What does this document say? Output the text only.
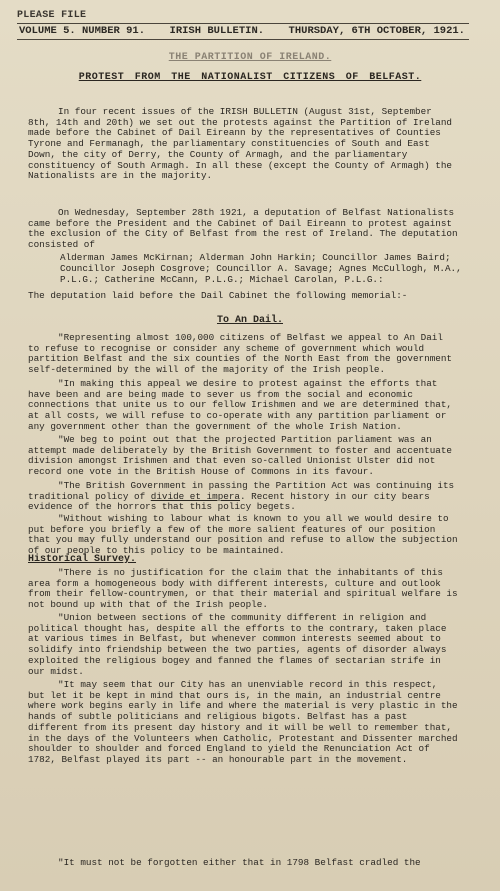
PLEASE FILE
VOLUME 5. NUMBER 91. IRISH BULLETIN. THURSDAY, 6TH OCTOBER, 1921.
THE PARTITION OF IRELAND.
PROTEST FROM THE NATIONALIST CITIZENS OF BELFAST.

In four recent issues of the IRISH BULLETIN (August 31st, September 8th, 14th and 20th) we set out the protests against the Partition of Ireland made before the Cabinet of Dail Eireann by the representatives of Counties Tyrone and Fermanagh, the parliamentary constituencies of South and East Down, the city of Derry, the County of Armagh, and the parliamentary constituency of South Armagh. In all these (except the County of Armagh) the Nationalists are in the majority.

On Wednesday, September 28th 1921, a deputation of Belfast Nationalists came before the President and the Cabinet of Dail Eireann to protest against the exclusion of the City of Belfast from the rest of Ireland. The deputation consisted of

Alderman James McKirnan; Alderman John Harkin; Councillor James Baird; Councillor Joseph Cosgrove; Councillor A. Savage; Agnes McCullogh, M.A., P.L.G.; Catherine McCann, P.L.G.; Michael Carolan, P.L.G.:

The deputation laid before the Dail Cabinet the following memorial:-

To An Dail.

"Representing almost 100,000 citizens of Belfast we appeal to An Dail to refuse to recognise or consider any scheme of government which would partition Belfast and the six counties of the North East from the government self-determined by the will of the majority of the Irish people.

"In making this appeal we desire to protest against the efforts that have been and are being made to sever us from the social and economic connections that unite us to our fellow Irishmen and we are determined that, at all costs, we will refuse to co-operate with any partition parliament or any government other than the government of the whole Irish Nation.

"We beg to point out that the projected Partition parliament was an attempt made deliberately by the British Government to foster and accentuate division amongst Irishmen and that even so-called Unionist Ulster did not record one vote in the British House of Commons in its favour.

"The British Government in passing the Partition Act was continuing its traditional policy of divide et impera. Recent history in our city bears evidence of the horrors that this policy begets.

"Without wishing to labour what is known to you all we would desire to put before you briefly a few of the more salient features of our position that you may fully understand our position and refuse to allow the subjection of our people to this policy to be maintained.

Historical Survey.

"There is no justification for the claim that the inhabitants of this area form a homogeneous body with different interests, culture and outlook from their fellow-countrymen, or that their material and spiritual welfare is not bound up with that of the Irish people.

"Union between sections of the community different in religion and political thought has, despite all the efforts to the contrary, taken place at various times in Belfast, but whenever common interests seemed about to solidify into friendship between the two parties, agents of disorder always exploited the religious bogey and fanned the flames of sectarian strife in our midst.

"It may seem that our City has an unenviable record in this respect, but let it be kept in mind that ours is, in the main, an industrial centre where work begins early in life and where the material is very plastic in the hands of subtle politicians and religious bigots. Belfast has a past different from its present day history and it will be well to remember that, in the days of the Volunteers when Catholic, Protestant and Dissenter marched shoulder to shoulder and forced England to yield the Renunciation Act of 1782, Belfast played its part -- an honourable part in the movement.

"It must not be forgotten either that in 1798 Belfast cradled the
